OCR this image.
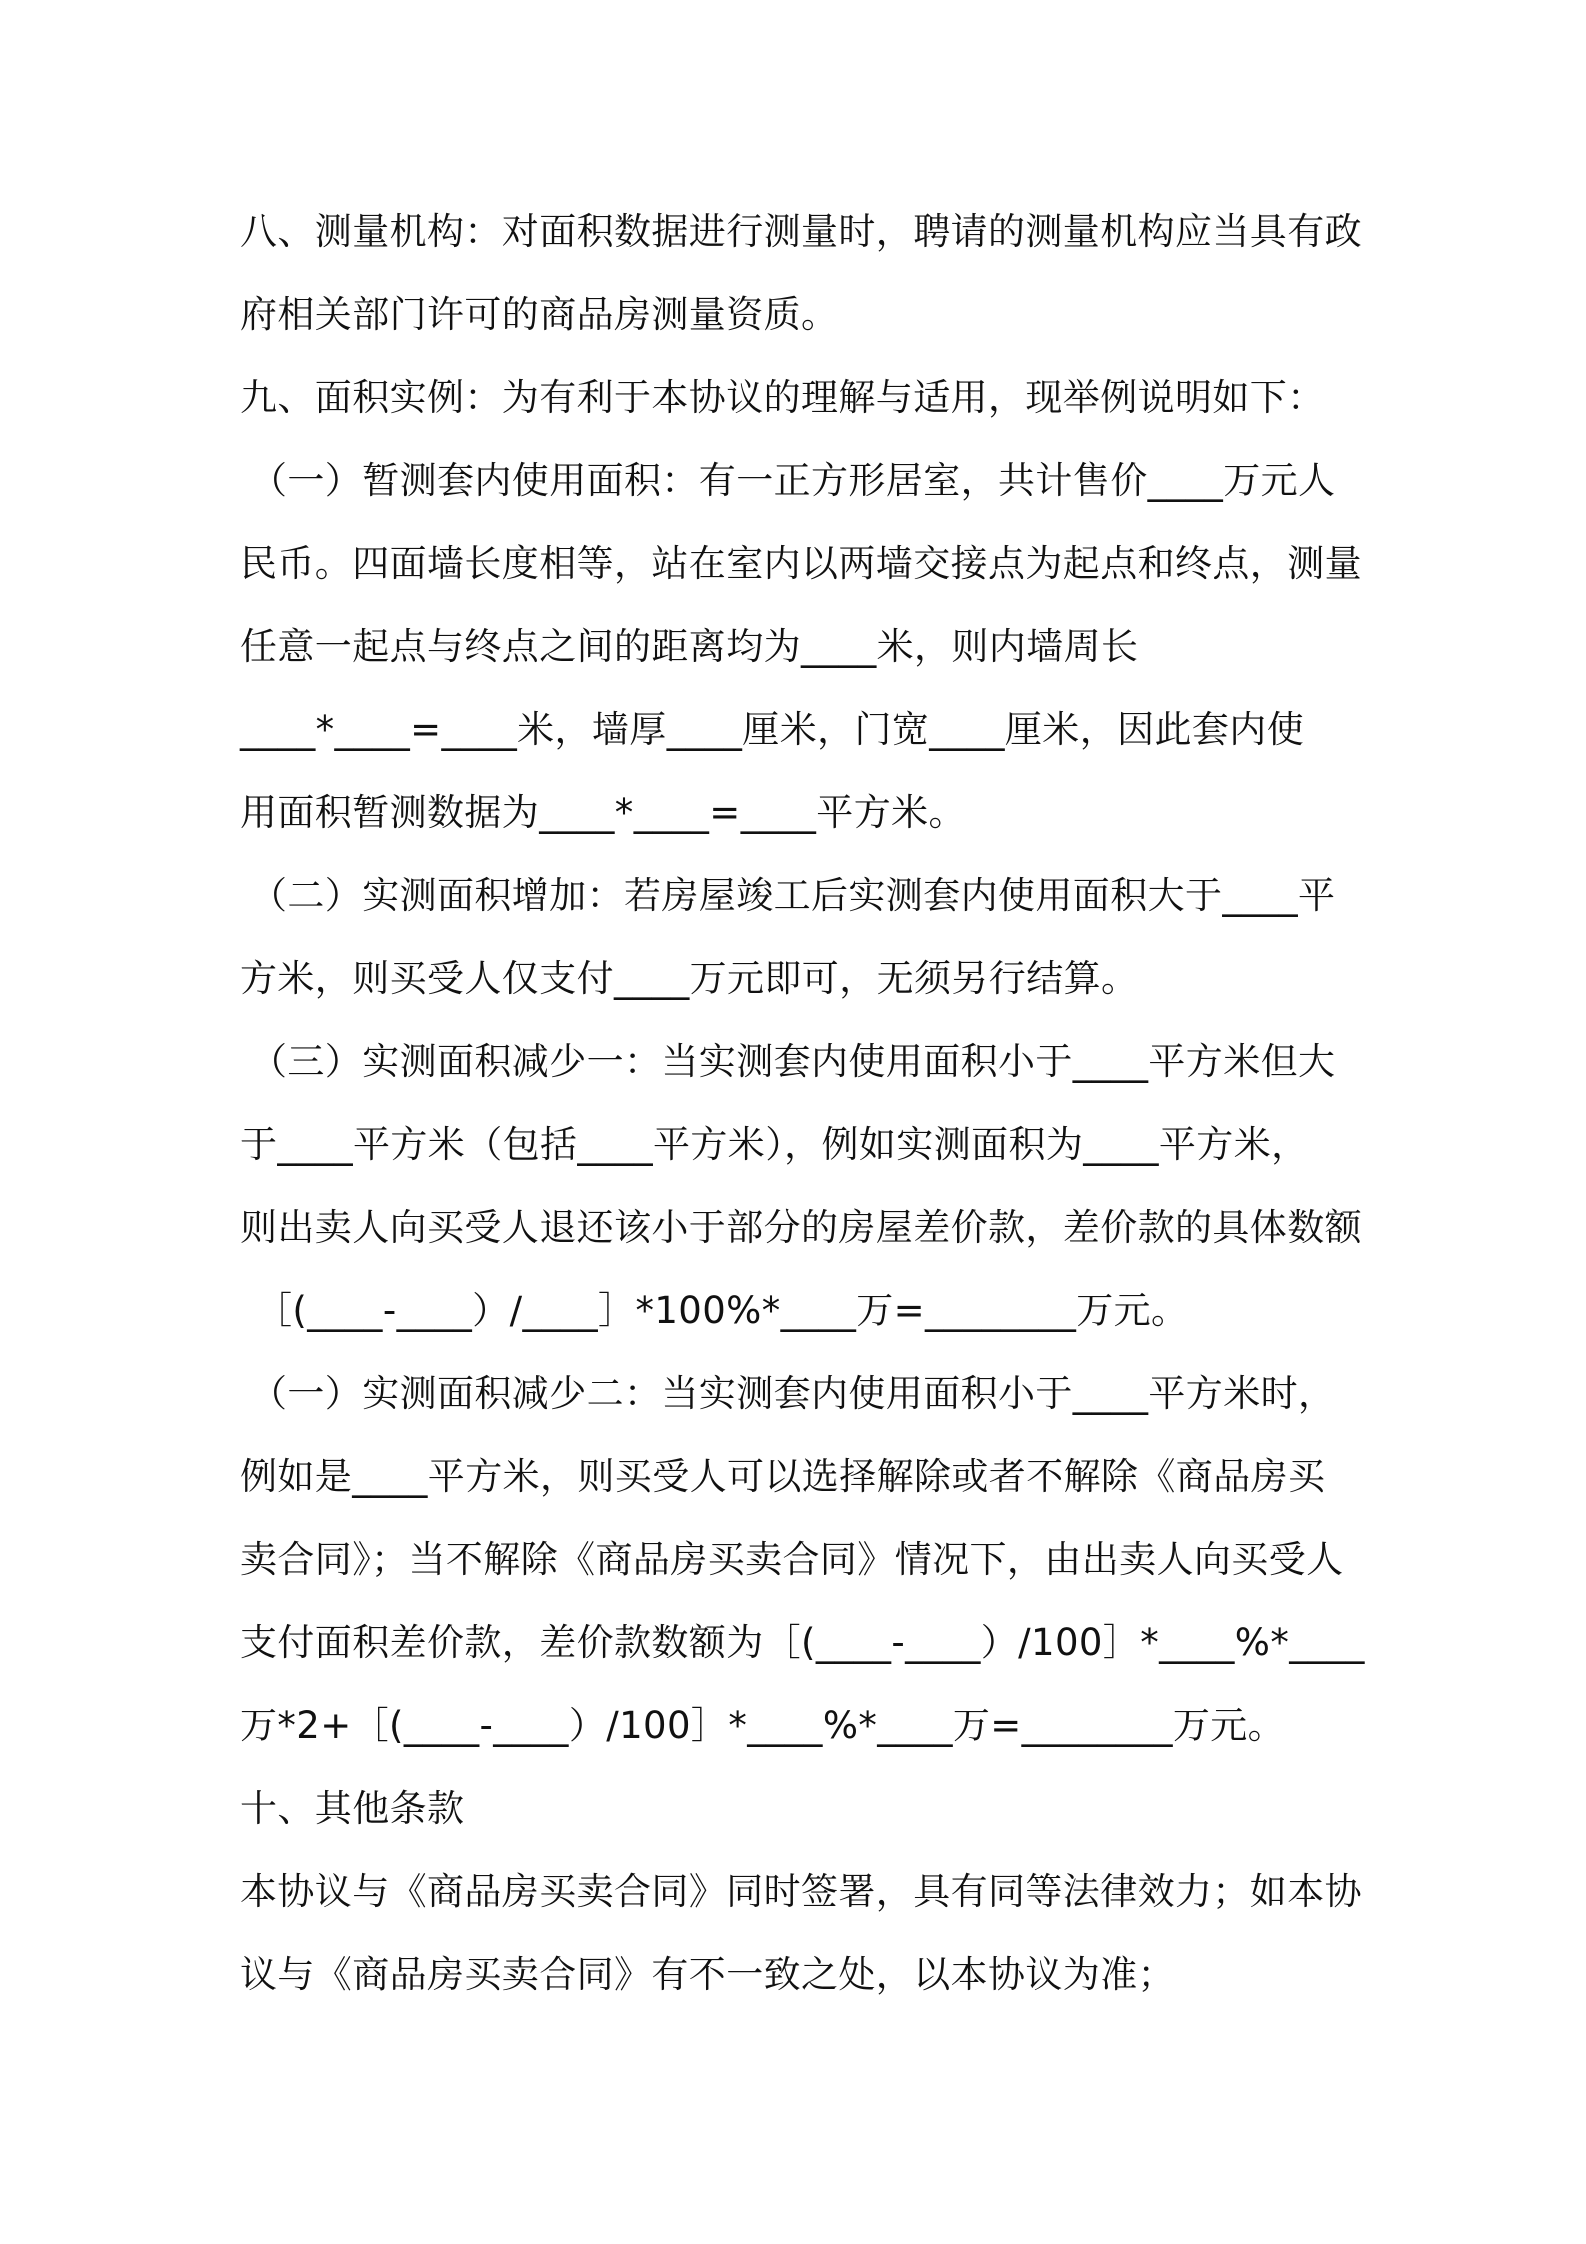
八、测量机构：对面积数据进行测量时，聘请的测量机构应当具有政
府相关部门许可的商品房测量资质。
九、面积实例：为有利于本协议的理解与适用，现举例说明如下：
（一）暂测套内使用面积：有一正方形居室，共计售价____万元人
民币。四面墙长度相等，站在室内以两墙交接点为起点和终点，测量
任意一起点与终点之间的距离均为____米，则内墙周长
____*____=____米，墙厚____厘米，门宽____厘米，因此套内使
用面积暂测数据为____*____=____平方米。
（二）实测面积增加：若房屋竣工后实测套内使用面积大于____平
方米，则买受人仅支付____万元即可，无须另行结算。
（三）实测面积减少一：当实测套内使用面积小于____平方米但大
于____平方米（包括____平方米），例如实测面积为____平方米，
则出卖人向买受人退还该小于部分的房屋差价款，差价款的具体数额
［(____-____）/____］*100%*____万=________万元。
（一）实测面积减少二：当实测套内使用面积小于____平方米时，
例如是____平方米，则买受人可以选择解除或者不解除《商品房买
卖合同》；当不解除《商品房买卖合同》情况下，由出卖人向买受人
支付面积差价款，差价款数额为［(____-____）/100］*____%*____
万*2+［(____-____）/100］*____%*____万=________万元。
十、其他条款
本协议与《商品房买卖合同》同时签署，具有同等法律效力；如本协
议与《商品房买卖合同》有不一致之处，以本协议为准；
